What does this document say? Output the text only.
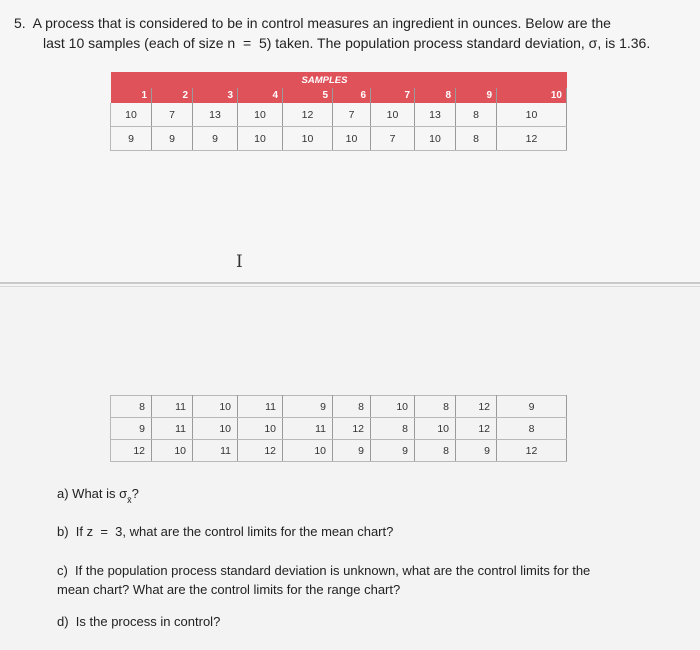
5.  A process that is considered to be in control measures an ingredient in ounces. Below are the
last 10 samples (each of size n  =  5) taken. The population process standard deviation, σ, is 1.36.
				SAMPLES					
1	2	3	4	5	6	7	8	9	10
10	7	13	10	12	7	10	13	8	10
9	9	9	10	10	10	7	10	8	12
I
8	11	10	11	9	8	10	8	12	9
9	11	10	10	11	12	8	10	12	8
12	10	11	12	10	9	9	8	9	12
a) What is $\sigma_{x̄}$?
b)  If z  =  3, what are the control limits for the mean chart?
c)  If the population process standard deviation is unknown, what are the control limits for the
mean chart? What are the control limits for the range chart?
d)  Is the process in control?
